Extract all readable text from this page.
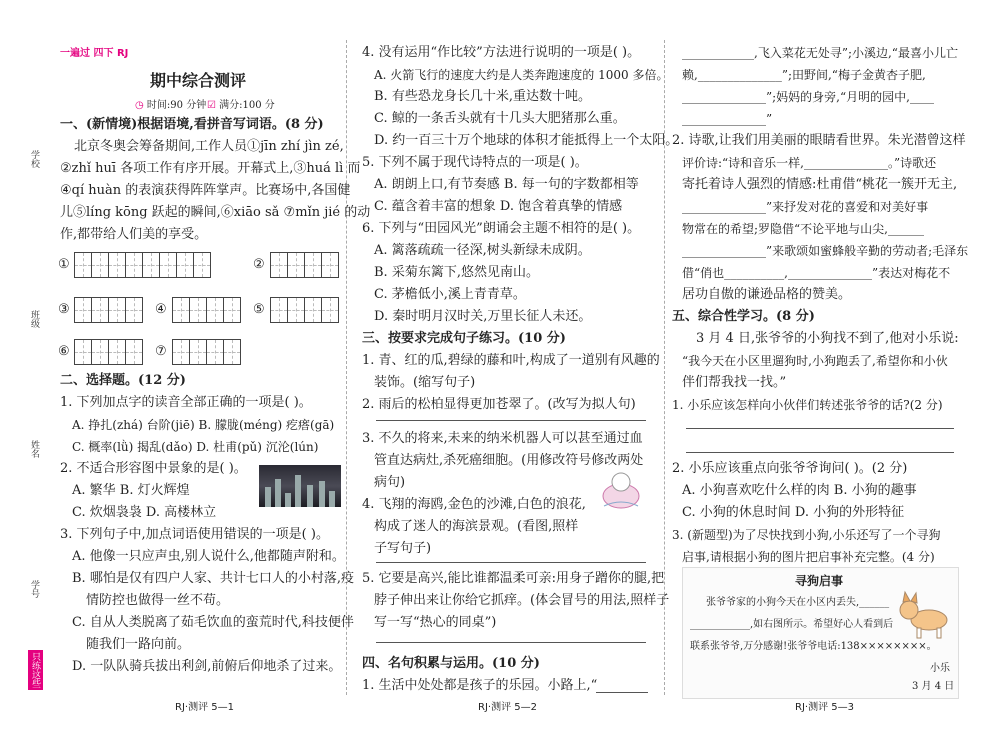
学校
班级
姓名
学号
只练这些
一遍过 四下 RJ
期中综合测评
◷ 时间:90 分钟 ☑ 满分:100 分
一、(新情境)根据语境,看拼音写词语。(8 分)
北京冬奥会筹备期间,工作人员①jīn zhí jìn zé,
②zhǐ huī 各项工作有序开展。开幕式上,③huá lì 而
④qí huàn 的表演获得阵阵掌声。比赛场中,各国健
儿⑤líng kōng 跃起的瞬间,⑥xiāo sǎ ⑦mǐn jié 的动
作,都带给人们美的享受。
①	②
③	④	⑤
⑥	⑦
二、选择题。(12 分)
1. 下列加点字的读音全部正确的一项是( )。
A. 挣扎(zhá) 台阶(jiē) B. 朦胧(méng) 疙瘩(gā)
C. 概率(lǜ) 揭乱(dǎo) D. 杜甫(pǔ) 沉沦(lún)
2. 不适合形容图中景象的是( )。
A. 繁华 B. 灯火辉煌
C. 炊烟袅袅 D. 高楼林立
3. 下列句子中,加点词语使用错误的一项是( )。
A. 他像一只应声虫,别人说什么,他都随声附和。
B. 哪怕是仅有四户人家、共计七口人的小村落,疫
情防控也做得一丝不苟。
C. 自从人类脱离了茹毛饮血的蛮荒时代,科技便伴
随我们一路向前。
D. 一队队骑兵拔出利剑,前俯后仰地杀了过来。
RJ·测评 5—1
4. 没有运用“作比较”方法进行说明的一项是( )。
A. 火箭飞行的速度大约是人类奔跑速度的 1000 多倍。
B. 有些恐龙身长几十米,重达数十吨。
C. 鲸的一条舌头就有十几头大肥猪那么重。
D. 约一百三十万个地球的体积才能抵得上一个太阳。
5. 下列不属于现代诗特点的一项是( )。
A. 朗朗上口,有节奏感 B. 每一句的字数都相等
C. 蕴含着丰富的想象 D. 饱含着真挚的情感
6. 下列与“田园风光”朗诵会主题不相符的是( )。
A. 篱落疏疏一径深,树头新绿未成阴。
B. 采菊东篱下,悠然见南山。
C. 茅檐低小,溪上青青草。
D. 秦时明月汉时关,万里长征人未还。
三、按要求完成句子练习。(10 分)
1. 青、红的瓜,碧绿的藤和叶,构成了一道别有风趣的
装饰。(缩写句子)
2. 雨后的松柏显得更加苍翠了。(改写为拟人句)
3. 不久的将来,未来的纳米机器人可以甚至通过血
管直达病灶,杀死癌细胞。(用修改符号修改两处
病句)
4. 飞翔的海鸥,金色的沙滩,白色的浪花,
构成了迷人的海滨景观。(看图,照样
子写句子)
5. 它要是高兴,能比谁都温柔可亲:用身子蹭你的腿,把
脖子伸出来让你给它抓痒。(体会冒号的用法,照样子
写一写“热心的同桌”)
四、名句积累与运用。(10 分)
1. 生活中处处都是孩子的乐园。小路上,“
RJ·测评 5—2
____________,飞入菜花无处寻”;小溪边,“最喜小儿亡
赖,______________”;田野间,“梅子金黄杏子肥,
______________”;妈妈的身旁,“月明的园中,____
______________”
2. 诗歌,让我们用美丽的眼睛看世界。朱光潜曾这样
评价诗:“诗和音乐一样,______________。”诗歌还
寄托着诗人强烈的情感:杜甫借“桃花一簇开无主,
______________”来抒发对花的喜爱和对美好事
物常在的希望;罗隐借“不论平地与山尖,______
______________”来歌颂如蜜蜂般辛勤的劳动者;毛泽东
借“俏也__________,______________”表达对梅花不
居功自傲的谦逊品格的赞美。
五、综合性学习。(8 分)
3 月 4 日,张爷爷的小狗找不到了,他对小乐说:
“我今天在小区里遛狗时,小狗跑丢了,希望你和小伙
伴们帮我找一找。”
1. 小乐应该怎样向小伙伴们转述张爷爷的话?(2 分)
2. 小乐应该重点向张爷爷询问( )。(2 分)
A. 小狗喜欢吃什么样的肉 B. 小狗的趣事
C. 小狗的休息时间 D. 小狗的外形特征
3. (新题型)为了尽快找到小狗,小乐还写了一个寻狗
启事,请根据小狗的图片把启事补充完整。(4 分)
寻狗启事
张爷爷家的小狗今天在小区内丢失,______
____________,如右图所示。希望好心人看到后
联系张爷爷,万分感谢!张爷爷电话:138××××××××。
小乐
3 月 4 日
RJ·测评 5—3
